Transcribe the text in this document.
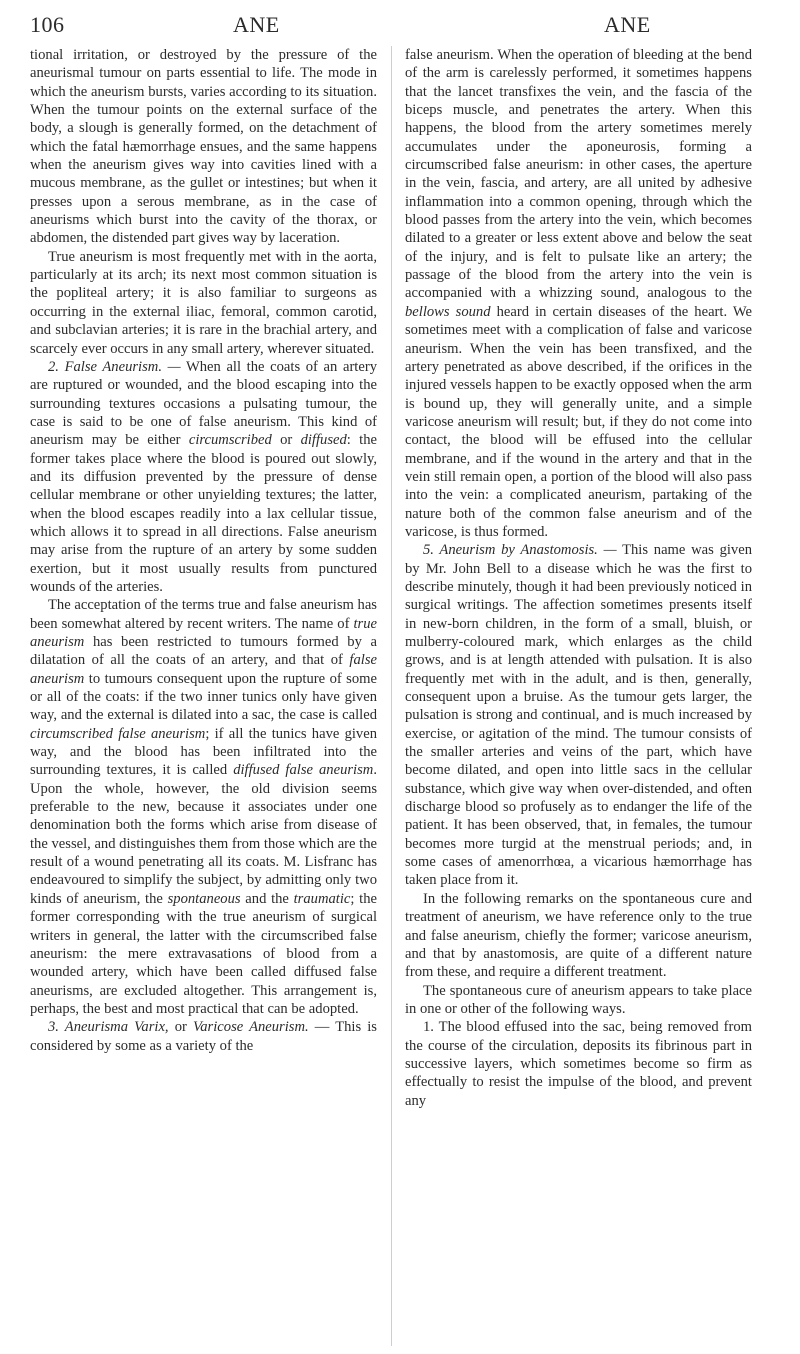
106	ANE	ANE

tional irritation, or destroyed by the pressure of the aneurismal tumour on parts essential to life. The mode in which the aneurism bursts, varies according to its situation. When the tumour points on the external surface of the body, a slough is generally formed, on the detachment of which the fatal hæmorrhage ensues, and the same happens when the aneurism gives way into cavities lined with a mucous membrane, as the gullet or intestines; but when it presses upon a serous membrane, as in the case of aneurisms which burst into the cavity of the thorax, or abdomen, the distended part gives way by laceration.

True aneurism is most frequently met with in the aorta, particularly at its arch; its next most common situation is the popliteal artery; it is also familiar to surgeons as occurring in the external iliac, femoral, common carotid, and subclavian arteries; it is rare in the brachial artery, and scarcely ever occurs in any small artery, wherever situated.

2. False Aneurism. — When all the coats of an artery are ruptured or wounded, and the blood escaping into the surrounding textures occasions a pulsating tumour, the case is said to be one of false aneurism. This kind of aneurism may be either circumscribed or diffused: the former takes place where the blood is poured out slowly, and its diffusion prevented by the pressure of dense cellular membrane or other unyielding textures; the latter, when the blood escapes readily into a lax cellular tissue, which allows it to spread in all directions. False aneurism may arise from the rupture of an artery by some sudden exertion, but it most usually results from punctured wounds of the arteries.

The acceptation of the terms true and false aneurism has been somewhat altered by recent writers. The name of true aneurism has been restricted to tumours formed by a dilatation of all the coats of an artery, and that of false aneurism to tumours consequent upon the rupture of some or all of the coats: if the two inner tunics only have given way, and the external is dilated into a sac, the case is called circumscribed false aneurism; if all the tunics have given way, and the blood has been infiltrated into the surrounding textures, it is called diffused false aneurism. Upon the whole, however, the old division seems preferable to the new, because it associates under one denomination both the forms which arise from disease of the vessel, and distinguishes them from those which are the result of a wound penetrating all its coats. M. Lisfranc has endeavoured to simplify the subject, by admitting only two kinds of aneurism, the spontaneous and the traumatic; the former corresponding with the true aneurism of surgical writers in general, the latter with the circumscribed false aneurism: the mere extravasations of blood from a wounded artery, which have been called diffused false aneurisms, are excluded altogether. This arrangement is, perhaps, the best and most practical that can be adopted.

3. Aneurisma Varix, or Varicose Aneurism. — This is considered by some as a variety of the

false aneurism. When the operation of bleeding at the bend of the arm is carelessly performed, it sometimes happens that the lancet transfixes the vein, and the fascia of the biceps muscle, and penetrates the artery. When this happens, the blood from the artery sometimes merely accumulates under the aponeurosis, forming a circumscribed false aneurism: in other cases, the aperture in the vein, fascia, and artery, are all united by adhesive inflammation into a common opening, through which the blood passes from the artery into the vein, which becomes dilated to a greater or less extent above and below the seat of the injury, and is felt to pulsate like an artery; the passage of the blood from the artery into the vein is accompanied with a whizzing sound, analogous to the bellows sound heard in certain diseases of the heart. We sometimes meet with a complication of false and varicose aneurism. When the vein has been transfixed, and the artery penetrated as above described, if the orifices in the injured vessels happen to be exactly opposed when the arm is bound up, they will generally unite, and a simple varicose aneurism will result; but, if they do not come into contact, the blood will be effused into the cellular membrane, and if the wound in the artery and that in the vein still remain open, a portion of the blood will also pass into the vein: a complicated aneurism, partaking of the nature both of the common false aneurism and of the varicose, is thus formed.

5. Aneurism by Anastomosis. — This name was given by Mr. John Bell to a disease which he was the first to describe minutely, though it had been previously noticed in surgical writings. The affection sometimes presents itself in new-born children, in the form of a small, bluish, or mulberry-coloured mark, which enlarges as the child grows, and is at length attended with pulsation. It is also frequently met with in the adult, and is then, generally, consequent upon a bruise. As the tumour gets larger, the pulsation is strong and continual, and is much increased by exercise, or agitation of the mind. The tumour consists of the smaller arteries and veins of the part, which have become dilated, and open into little sacs in the cellular substance, which give way when over-distended, and often discharge blood so profusely as to endanger the life of the patient. It has been observed, that, in females, the tumour becomes more turgid at the menstrual periods; and, in some cases of amenorrhœa, a vicarious hæmorrhage has taken place from it.

In the following remarks on the spontaneous cure and treatment of aneurism, we have reference only to the true and false aneurism, chiefly the former; varicose aneurism, and that by anastomosis, are quite of a different nature from these, and require a different treatment.

The spontaneous cure of aneurism appears to take place in one or other of the following ways.

1. The blood effused into the sac, being removed from the course of the circulation, deposits its fibrinous part in successive layers, which sometimes become so firm as effectually to resist the impulse of the blood, and prevent any
